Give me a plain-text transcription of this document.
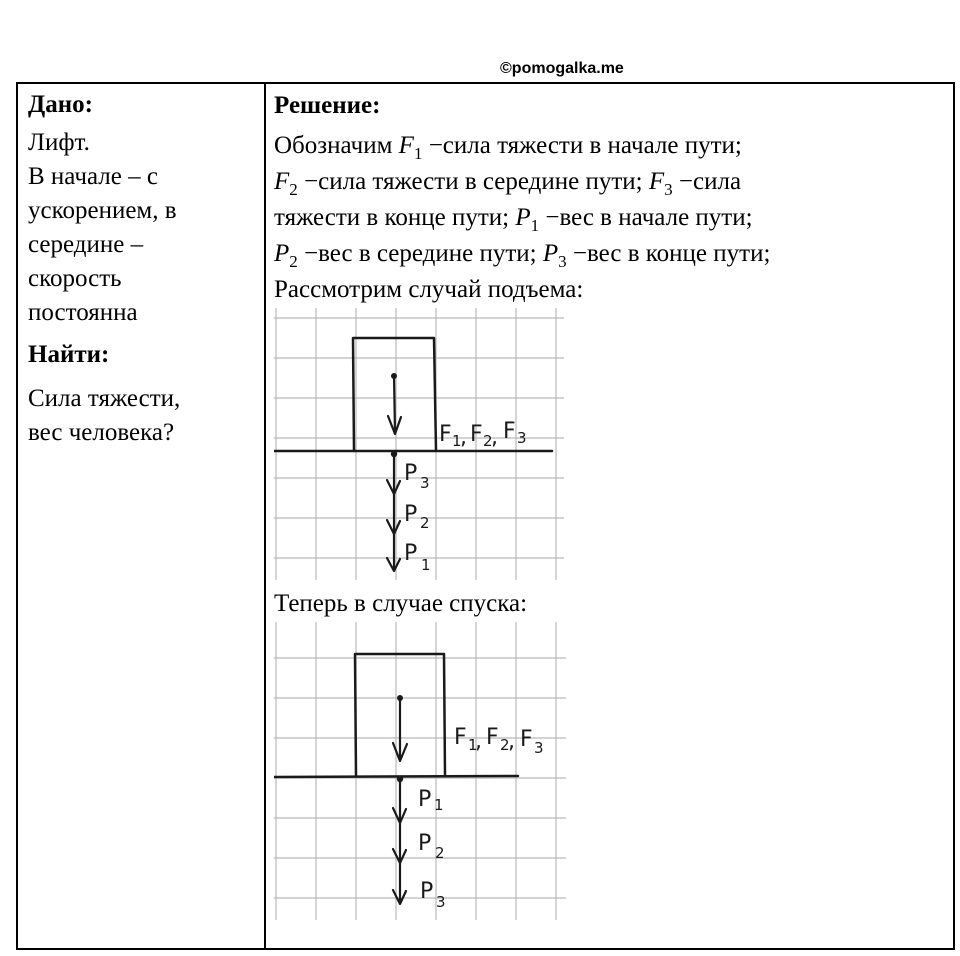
©pomogalka.me
Дано:
Лифт.
В начале – с
ускорением, в
середине –
скорость
постоянна
Найти:
Сила тяжести,
вес человека?
Решение:
Обозначим $F_1$ −сила тяжести в начале пути;
$F_2$ −сила тяжести в середине пути; $F_3$ −сила
тяжести в конце пути; $P_1 -вес$ в начале пути;
$P_2 -вес$ в середине пути; $P_3 -вес$ в конце пути;
Рассмотрим случай подъема:
F 1
, F 2
, F 3
P 3
P 2
P 1
Теперь в случае спуска:
F 1
, F 2
, F 3
P 1
P 2
P 3
